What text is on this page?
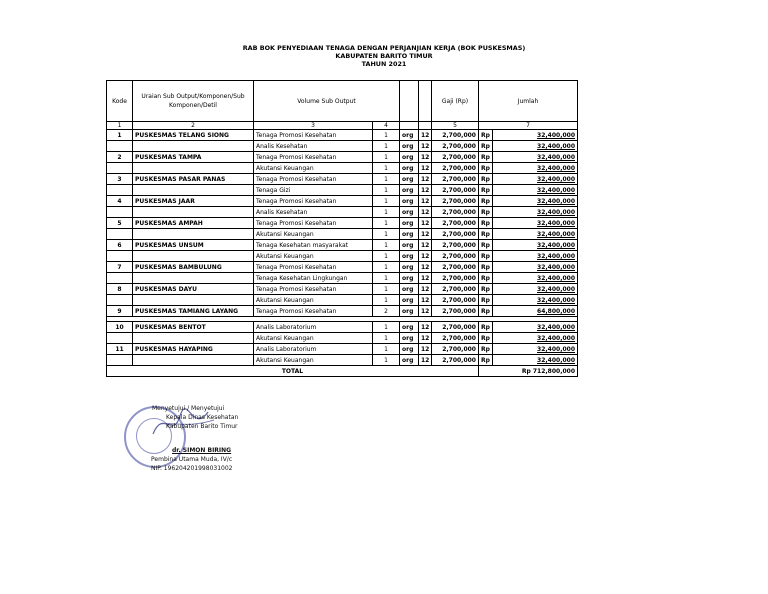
RAB BOK PENYEDIAAN TENAGA DENGAN PERJANJIAN KERJA (BOK PUSKESMAS)
KABUPATEN BARITO TIMUR
TAHUN 2021
Kode	Uraian Sub Output/Komponen/Sub Komponen/Detil	Volume Sub Output				Gaji (Rp)	Jumlah	
1	2	3	4			5	7	
1	PUSKESMAS TELANG SIONG	Tenaga Promosi Kesehatan	1	org	12	2,700,000	Rp	32,400,000
		Analis Kesehatan	1	org	12	2,700,000	Rp	32,400,000
2	PUSKESMAS TAMPA	Tenaga Promosi Kesehatan	1	org	12	2,700,000	Rp	32,400,000
		Akutansi Keuangan	1	org	12	2,700,000	Rp	32,400,000
3	PUSKESMAS PASAR PANAS	Tenaga Promosi Kesehatan	1	org	12	2,700,000	Rp	32,400,000
		Tenaga Gizi	1	org	12	2,700,000	Rp	32,400,000
4	PUSKESMAS JAAR	Tenaga Promosi Kesehatan	1	org	12	2,700,000	Rp	32,400,000
		Analis Kesehatan	1	org	12	2,700,000	Rp	32,400,000
5	PUSKESMAS AMPAH	Tenaga Promosi Kesehatan	1	org	12	2,700,000	Rp	32,400,000
		Akutansi Keuangan	1	org	12	2,700,000	Rp	32,400,000
6	PUSKESMAS UNSUM	Tenaga Kesehatan masyarakat	1	org	12	2,700,000	Rp	32,400,000
		Akutansi Keuangan	1	org	12	2,700,000	Rp	32,400,000
7	PUSKESMAS BAMBULUNG	Tenaga Promosi Kesehatan	1	org	12	2,700,000	Rp	32,400,000
		Tenaga Kesehatan Lingkungan	1	org	12	2,700,000	Rp	32,400,000
8	PUSKESMAS DAYU	Tenaga Promosi Kesehatan	1	org	12	2,700,000	Rp	32,400,000
		Akutansi Keuangan	1	org	12	2,700,000	Rp	32,400,000
9	PUSKESMAS TAMIANG LAYANG	Tenaga Promosi Kesehatan	2	org	12	2,700,000	Rp	64,800,000

10	PUSKESMAS BENTOT	Analis Laboratorium	1	org	12	2,700,000	Rp	32,400,000
		Akutansi Keuangan	1	org	12	2,700,000	Rp	32,400,000
11	PUSKESMAS HAYAPING	Analis Laboratorium	1	org	12	2,700,000	Rp	32,400,000
		Akutansi Keuangan	1	org	12	2,700,000	Rp	32,400,000
TOTAL							Rp 712,800,000	
Menyetujui / Menyetujui
Kepala Dinas Kesehatan
Kabupaten Barito Timur
dr. SIMON BIRING
Pembina Utama Muda, IV/c
NIP. 196204201998031002
